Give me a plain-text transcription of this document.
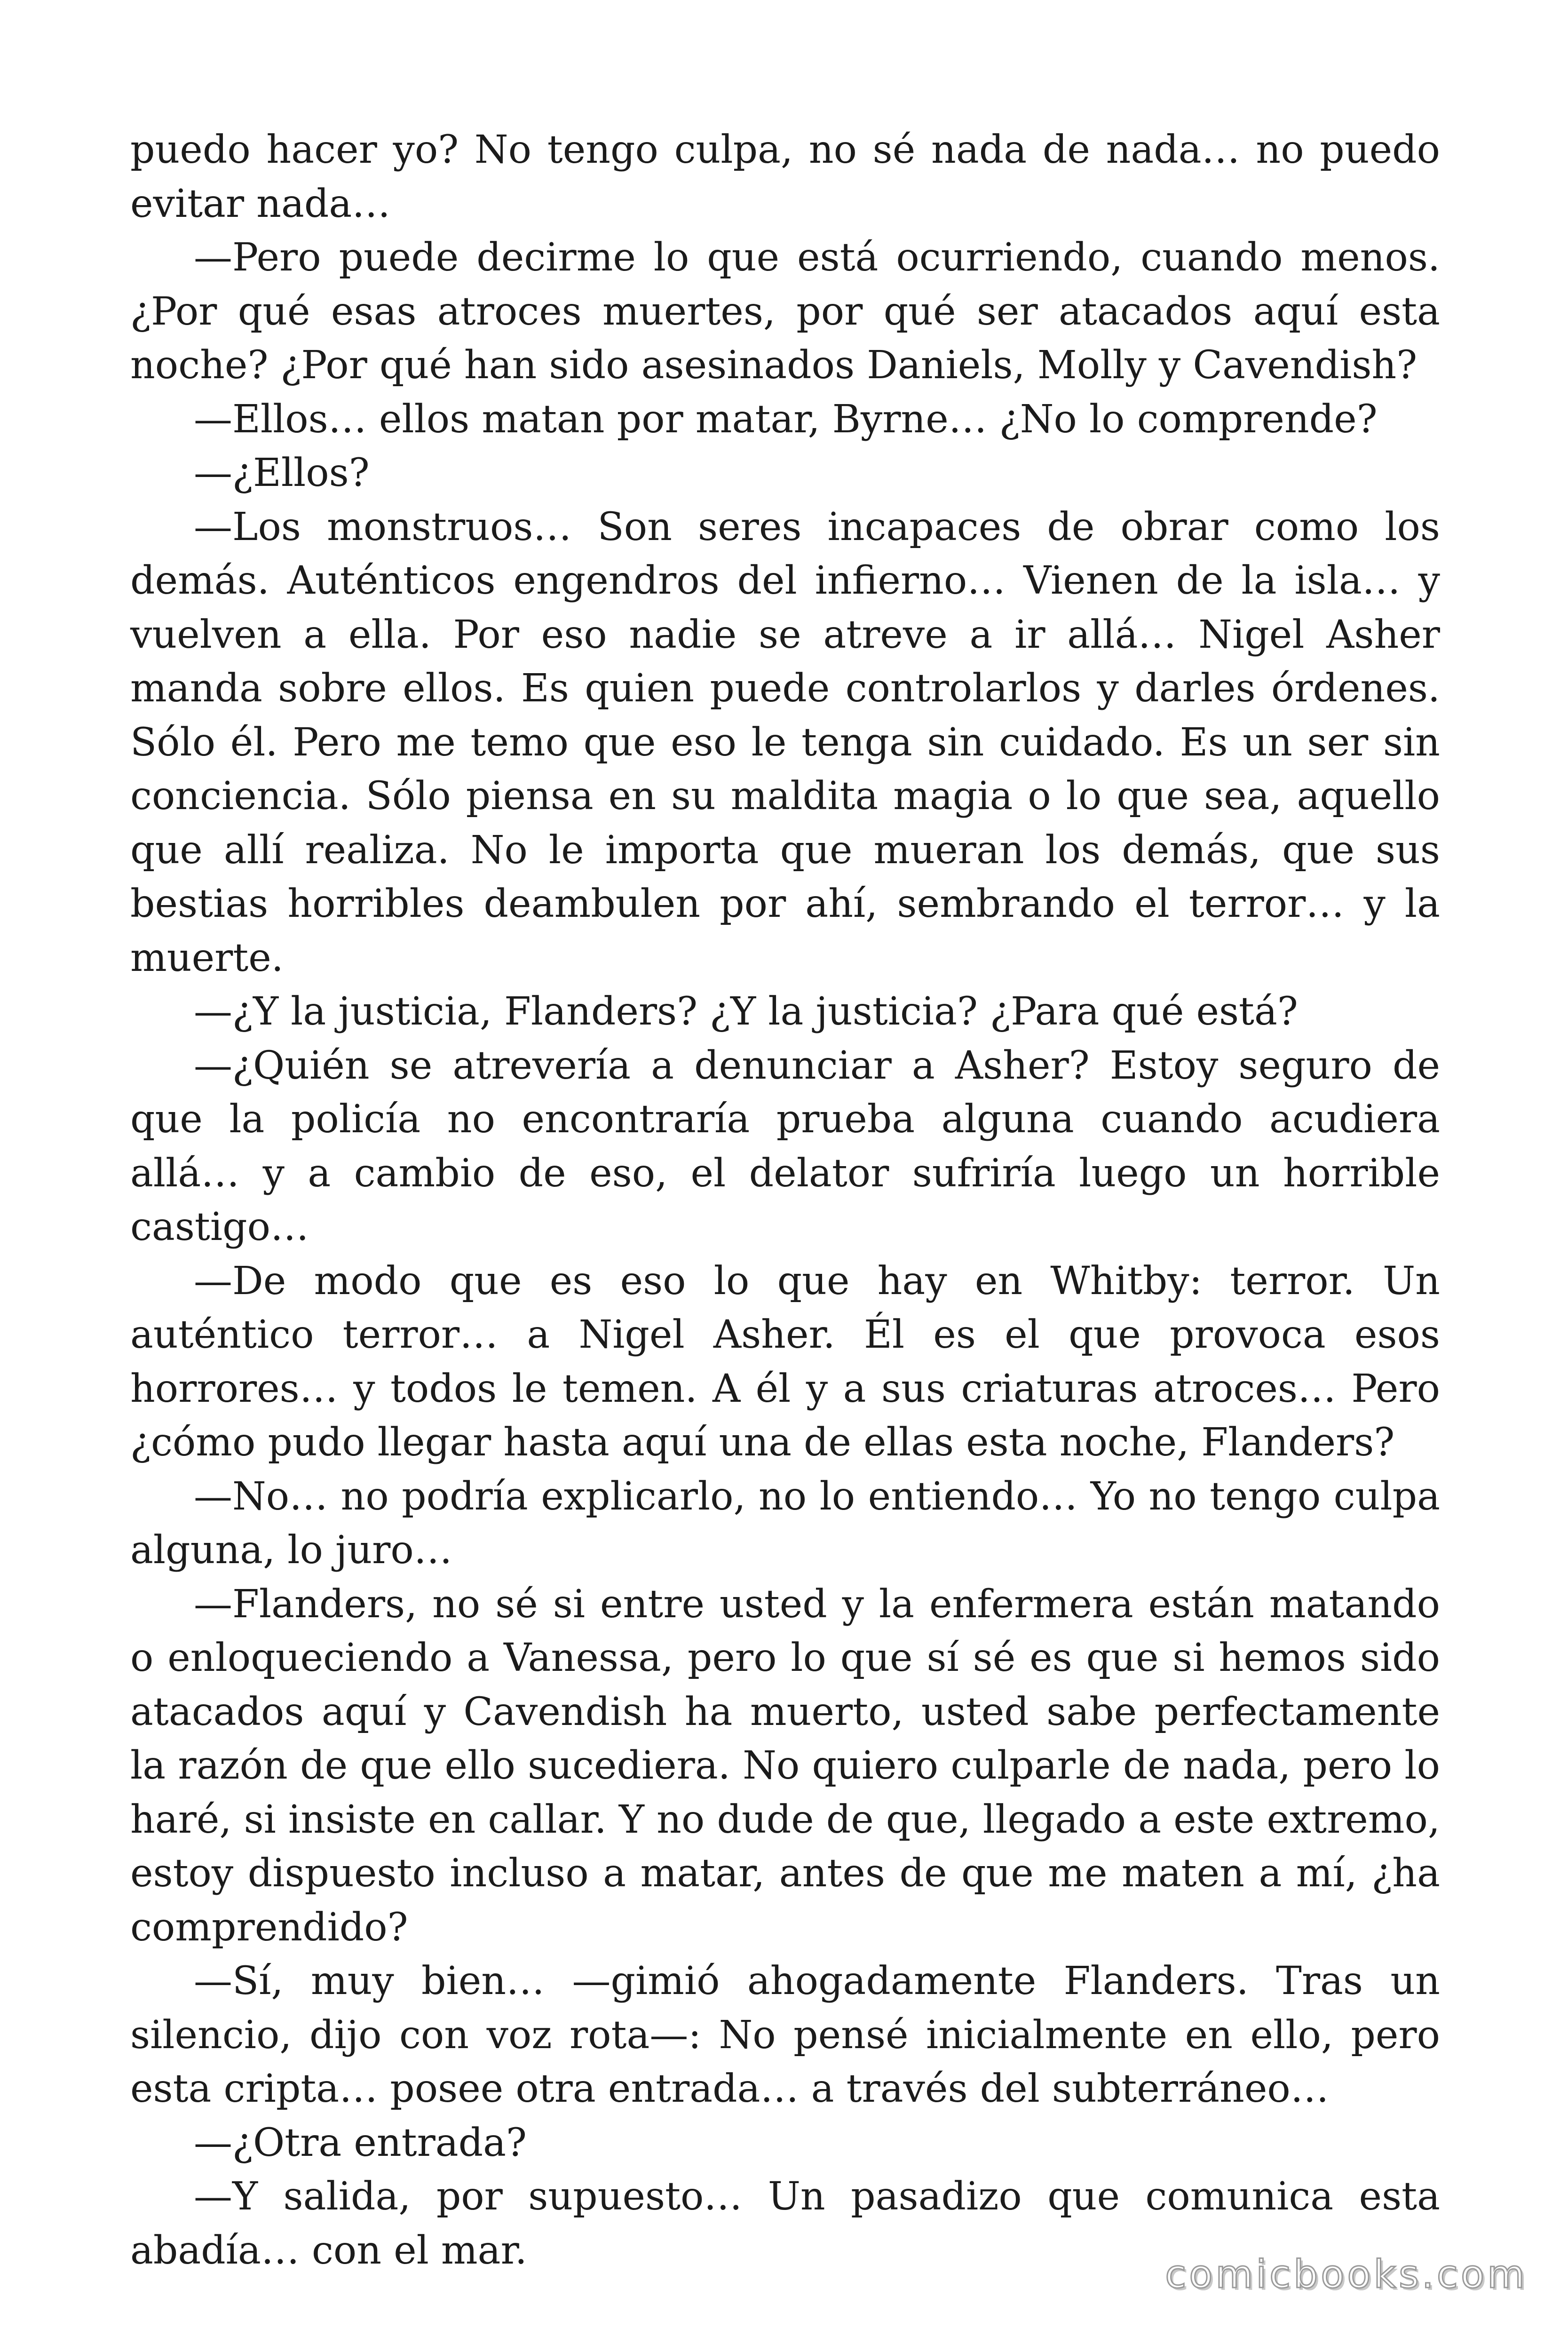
puedo hacer yo? No tengo culpa, no sé nada de nada… no puedo evitar nada…

—Pero puede decirme lo que está ocurriendo, cuando menos. ¿Por qué esas atroces muertes, por qué ser atacados aquí esta noche? ¿Por qué han sido asesinados Daniels, Molly y Cavendish?

—Ellos… ellos matan por matar, Byrne… ¿No lo comprende?

—¿Ellos?

—Los monstruos… Son seres incapaces de obrar como los demás. Auténticos engendros del infierno… Vienen de la isla… y vuelven a ella. Por eso nadie se atreve a ir allá… Nigel Asher manda sobre ellos. Es quien puede controlarlos y darles órdenes. Sólo él. Pero me temo que eso le tenga sin cuidado. Es un ser sin conciencia. Sólo piensa en su maldita magia o lo que sea, aquello que allí realiza. No le importa que mueran los demás, que sus bestias horribles deambulen por ahí, sembrando el terror… y la muerte.

—¿Y la justicia, Flanders? ¿Y la justicia? ¿Para qué está?

—¿Quién se atrevería a denunciar a Asher? Estoy seguro de que la policía no encontraría prueba alguna cuando acudiera allá… y a cambio de eso, el delator sufriría luego un horrible castigo…

—De modo que es eso lo que hay en Whitby: terror. Un auténtico terror… a Nigel Asher. Él es el que provoca esos horrores… y todos le temen. A él y a sus criaturas atroces… Pero ¿cómo pudo llegar hasta aquí una de ellas esta noche, Flanders?

—No… no podría explicarlo, no lo entiendo… Yo no tengo culpa alguna, lo juro…

—Flanders, no sé si entre usted y la enfermera están matando o enloqueciendo a Vanessa, pero lo que sí sé es que si hemos sido atacados aquí y Cavendish ha muerto, usted sabe perfectamente la razón de que ello sucediera. No quiero culparle de nada, pero lo haré, si insiste en callar. Y no dude de que, llegado a este extremo, estoy dispuesto incluso a matar, antes de que me maten a mí, ¿ha comprendido?

—Sí, muy bien… —gimió ahogadamente Flanders. Tras un silencio, dijo con voz rota—: No pensé inicialmente en ello, pero esta cripta… posee otra entrada… a través del subterráneo…

—¿Otra entrada?

—Y salida, por supuesto… Un pasadizo que comunica esta abadía… con el mar.

comicbooks.com
